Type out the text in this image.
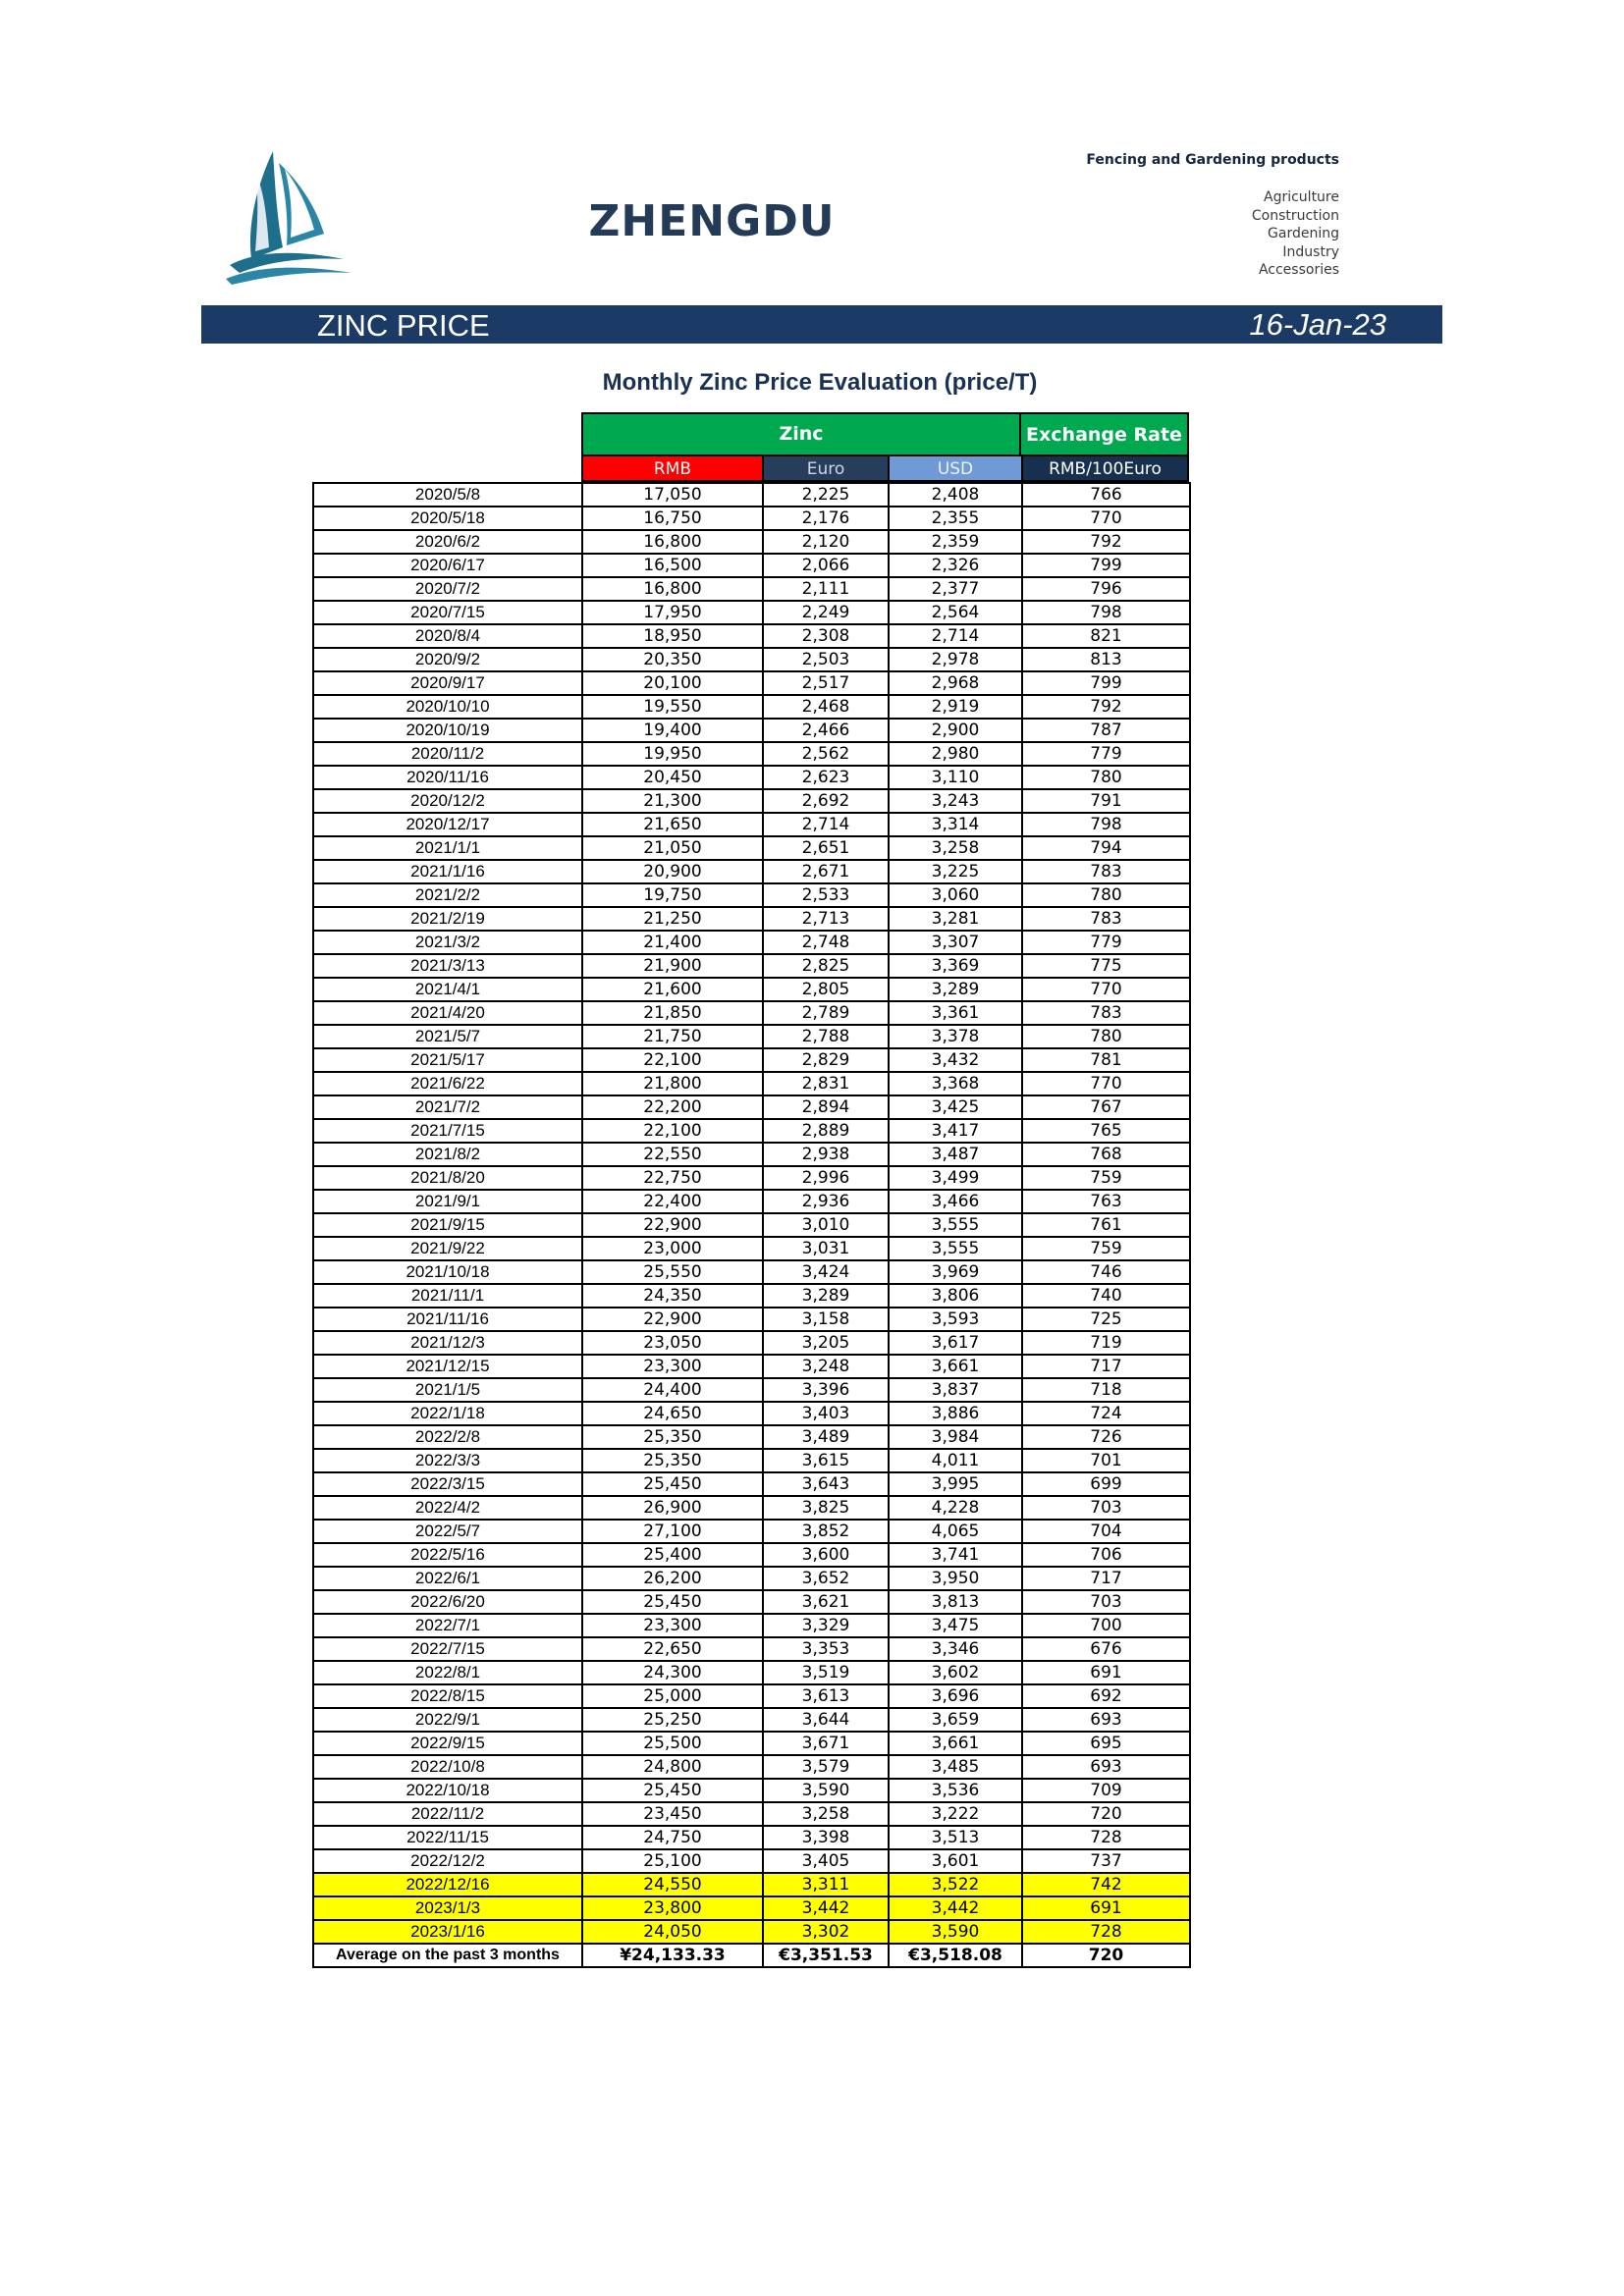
ZHENGDU
Fencing and Gardening products
Agriculture
Construction
Gardening
Industry
Accessories
ZINC PRICE	16-Jan-23
Monthly Zinc Price Evaluation (price/T)
Zinc	Exchange Rate
RMB	Euro	USD	RMB/100Euro
2020/5/8	17,050	2,225	2,408	766
2020/5/18	16,750	2,176	2,355	770
2020/6/2	16,800	2,120	2,359	792
2020/6/17	16,500	2,066	2,326	799
2020/7/2	16,800	2,111	2,377	796
2020/7/15	17,950	2,249	2,564	798
2020/8/4	18,950	2,308	2,714	821
2020/9/2	20,350	2,503	2,978	813
2020/9/17	20,100	2,517	2,968	799
2020/10/10	19,550	2,468	2,919	792
2020/10/19	19,400	2,466	2,900	787
2020/11/2	19,950	2,562	2,980	779
2020/11/16	20,450	2,623	3,110	780
2020/12/2	21,300	2,692	3,243	791
2020/12/17	21,650	2,714	3,314	798
2021/1/1	21,050	2,651	3,258	794
2021/1/16	20,900	2,671	3,225	783
2021/2/2	19,750	2,533	3,060	780
2021/2/19	21,250	2,713	3,281	783
2021/3/2	21,400	2,748	3,307	779
2021/3/13	21,900	2,825	3,369	775
2021/4/1	21,600	2,805	3,289	770
2021/4/20	21,850	2,789	3,361	783
2021/5/7	21,750	2,788	3,378	780
2021/5/17	22,100	2,829	3,432	781
2021/6/22	21,800	2,831	3,368	770
2021/7/2	22,200	2,894	3,425	767
2021/7/15	22,100	2,889	3,417	765
2021/8/2	22,550	2,938	3,487	768
2021/8/20	22,750	2,996	3,499	759
2021/9/1	22,400	2,936	3,466	763
2021/9/15	22,900	3,010	3,555	761
2021/9/22	23,000	3,031	3,555	759
2021/10/18	25,550	3,424	3,969	746
2021/11/1	24,350	3,289	3,806	740
2021/11/16	22,900	3,158	3,593	725
2021/12/3	23,050	3,205	3,617	719
2021/12/15	23,300	3,248	3,661	717
2021/1/5	24,400	3,396	3,837	718
2022/1/18	24,650	3,403	3,886	724
2022/2/8	25,350	3,489	3,984	726
2022/3/3	25,350	3,615	4,011	701
2022/3/15	25,450	3,643	3,995	699
2022/4/2	26,900	3,825	4,228	703
2022/5/7	27,100	3,852	4,065	704
2022/5/16	25,400	3,600	3,741	706
2022/6/1	26,200	3,652	3,950	717
2022/6/20	25,450	3,621	3,813	703
2022/7/1	23,300	3,329	3,475	700
2022/7/15	22,650	3,353	3,346	676
2022/8/1	24,300	3,519	3,602	691
2022/8/15	25,000	3,613	3,696	692
2022/9/1	25,250	3,644	3,659	693
2022/9/15	25,500	3,671	3,661	695
2022/10/8	24,800	3,579	3,485	693
2022/10/18	25,450	3,590	3,536	709
2022/11/2	23,450	3,258	3,222	720
2022/11/15	24,750	3,398	3,513	728
2022/12/2	25,100	3,405	3,601	737
2022/12/16	24,550	3,311	3,522	742
2023/1/3	23,800	3,442	3,442	691
2023/1/16	24,050	3,302	3,590	728
Average on the past 3 months	¥24,133.33	€3,351.53	€3,518.08	720
